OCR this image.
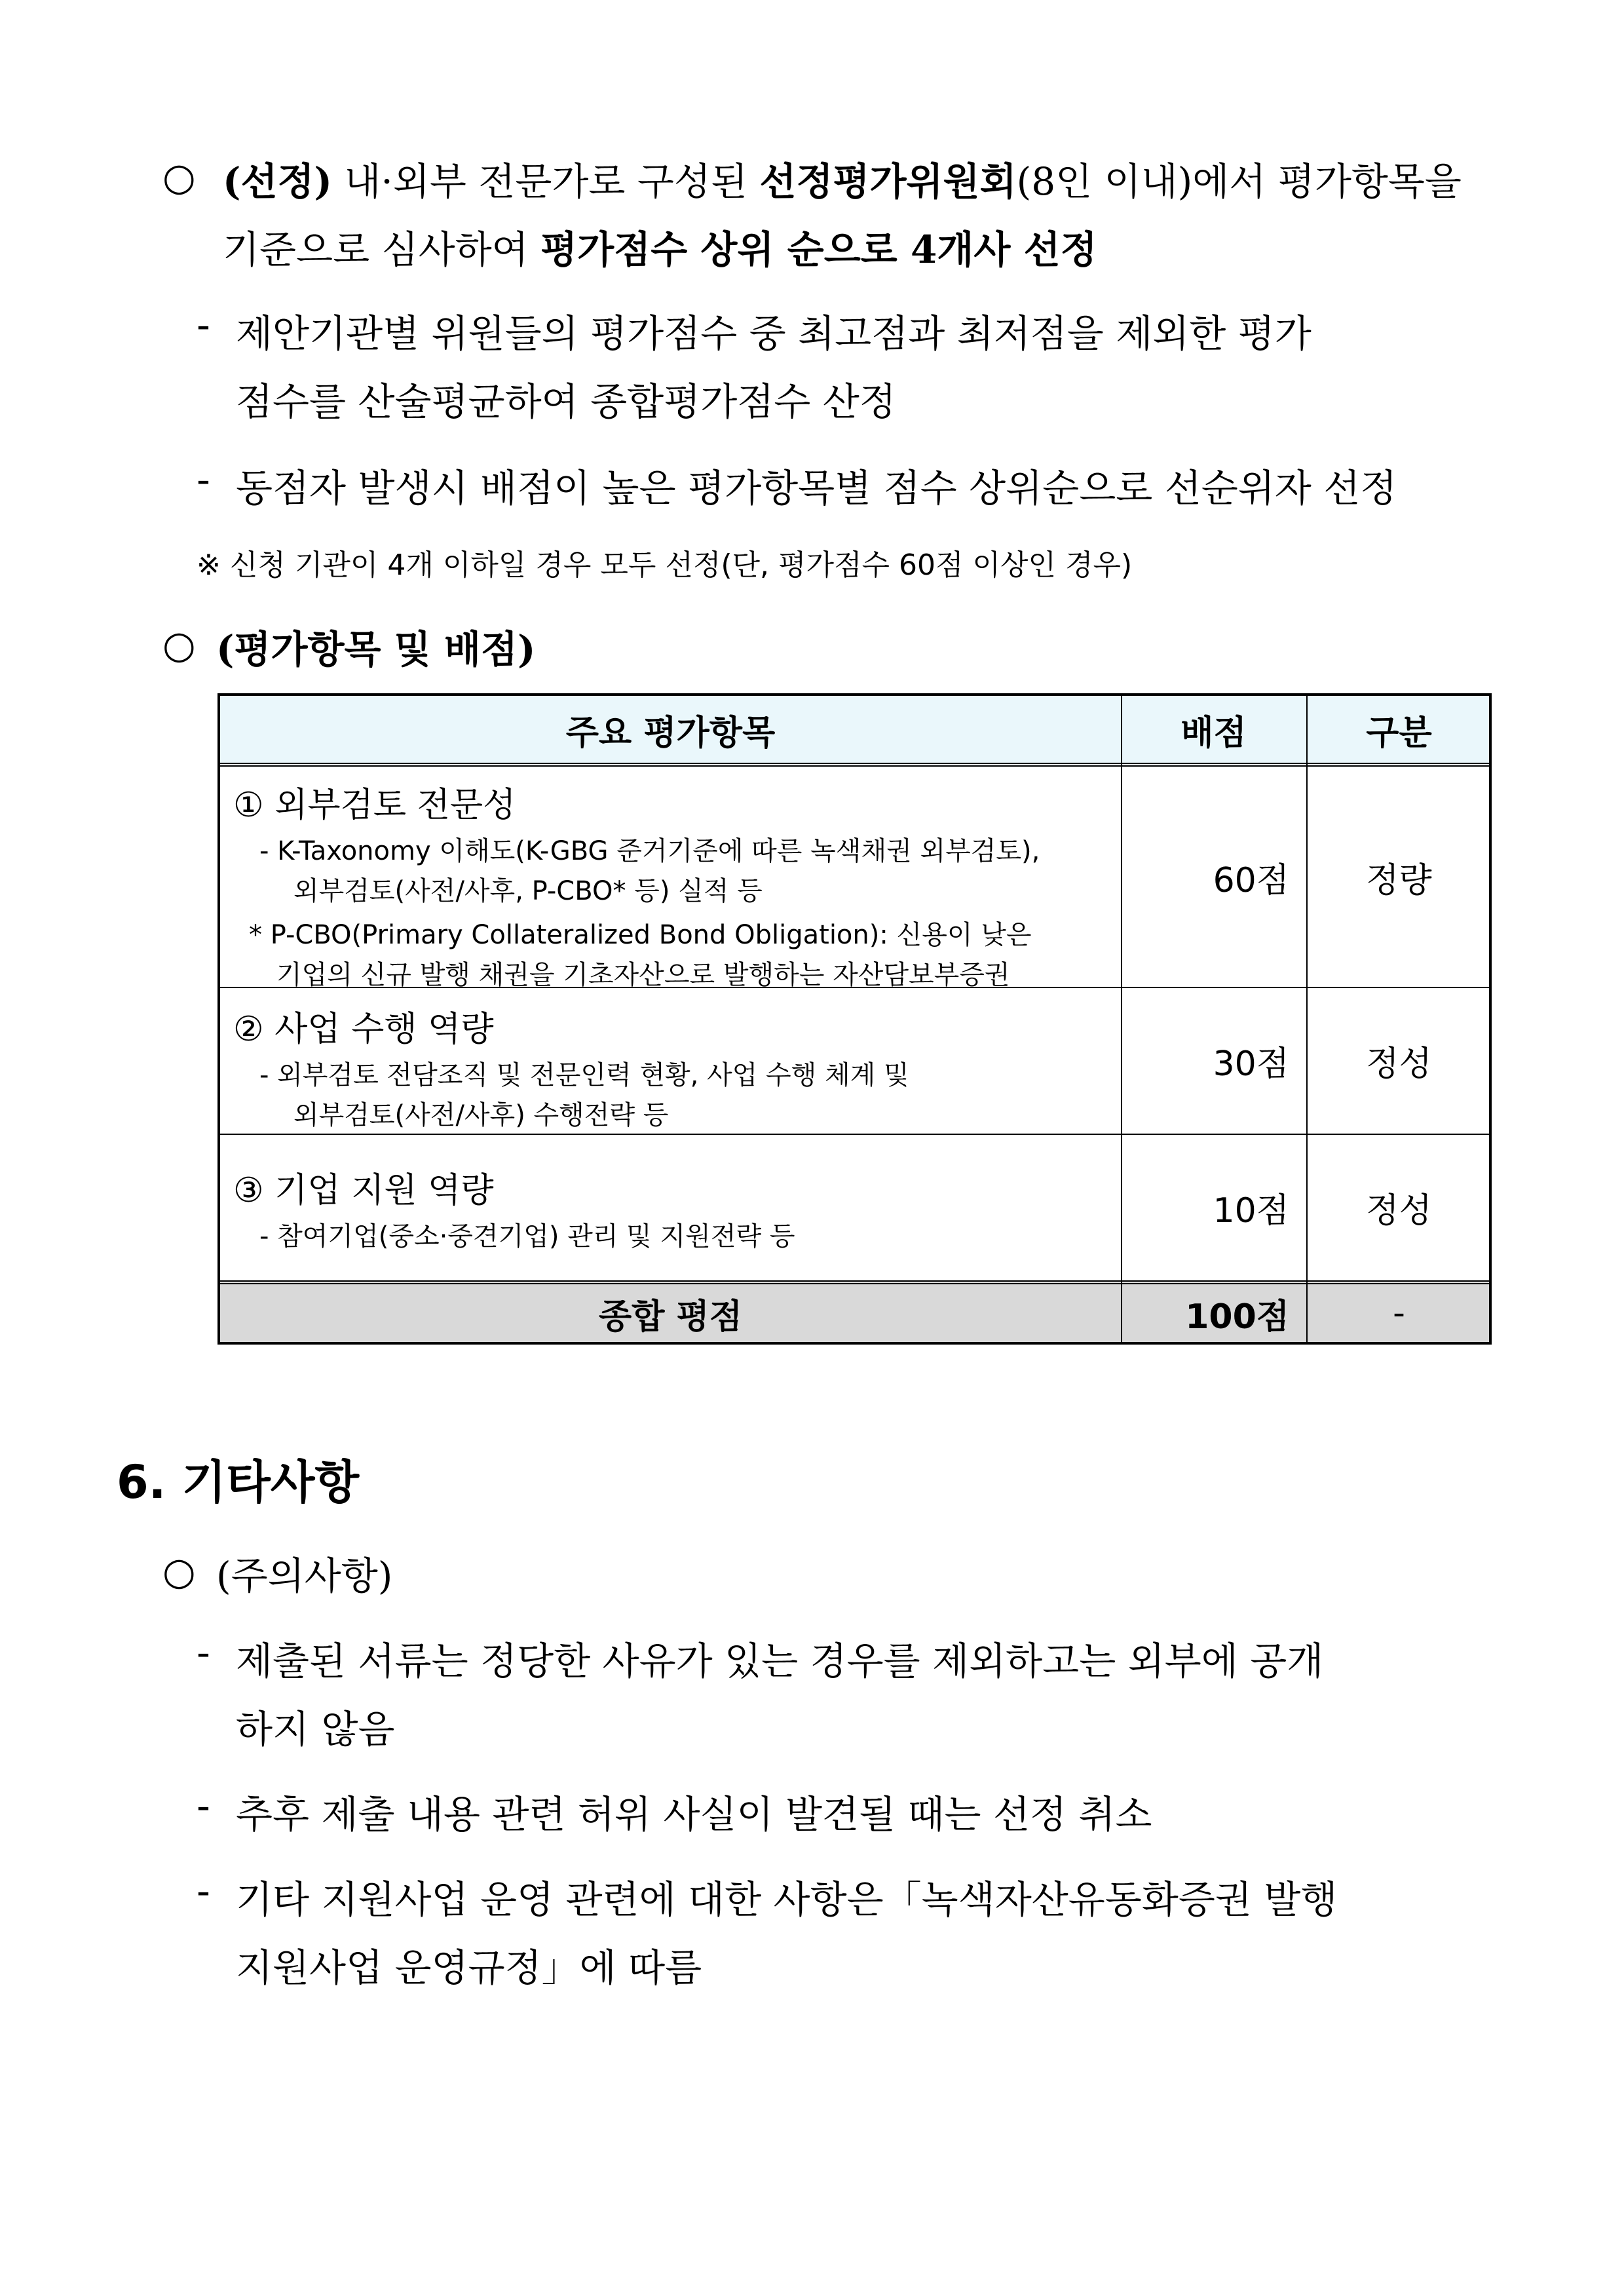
○ (선정) 내·외부 전문가로 구성된 선정평가위원회(8인 이내)에서 평가항목을
기준으로 심사하여 평가점수 상위 순으로 4개사 선정
- 제안기관별 위원들의 평가점수 중 최고점과 최저점을 제외한 평가
점수를 산술평균하여 종합평가점수 산정
- 동점자 발생시 배점이 높은 평가항목별 점수 상위순으로 선순위자 선정
※ 신청 기관이 4개 이하일 경우 모두 선정(단, 평가점수 60점 이상인 경우)
○ (평가항목 및 배점)
주요 평가항목	배점	구분
① 외부검토 전문성
- K-Taxonomy 이해도(K-GBG 준거기준에 따른 녹색채권 외부검토),
외부검토(사전/사후, P-CBO* 등) 실적 등
* P-CBO(Primary Collateralized Bond Obligation): 신용이 낮은
기업의 신규 발행 채권을 기초자산으로 발행하는 자산담보부증권
60점	정량
② 사업 수행 역량
- 외부검토 전담조직 및 전문인력 현황, 사업 수행 체계 및
외부검토(사전/사후) 수행전략 등
30점	정성
③ 기업 지원 역량
- 참여기업(중소·중견기업) 관리 및 지원전략 등
10점	정성
종합 평점	100점	-
6. 기타사항
○ (주의사항)
- 제출된 서류는 정당한 사유가 있는 경우를 제외하고는 외부에 공개
하지 않음
- 추후 제출 내용 관련 허위 사실이 발견될 때는 선정 취소
- 기타 지원사업 운영 관련에 대한 사항은「녹색자산유동화증권 발행
지원사업 운영규정」에 따름
